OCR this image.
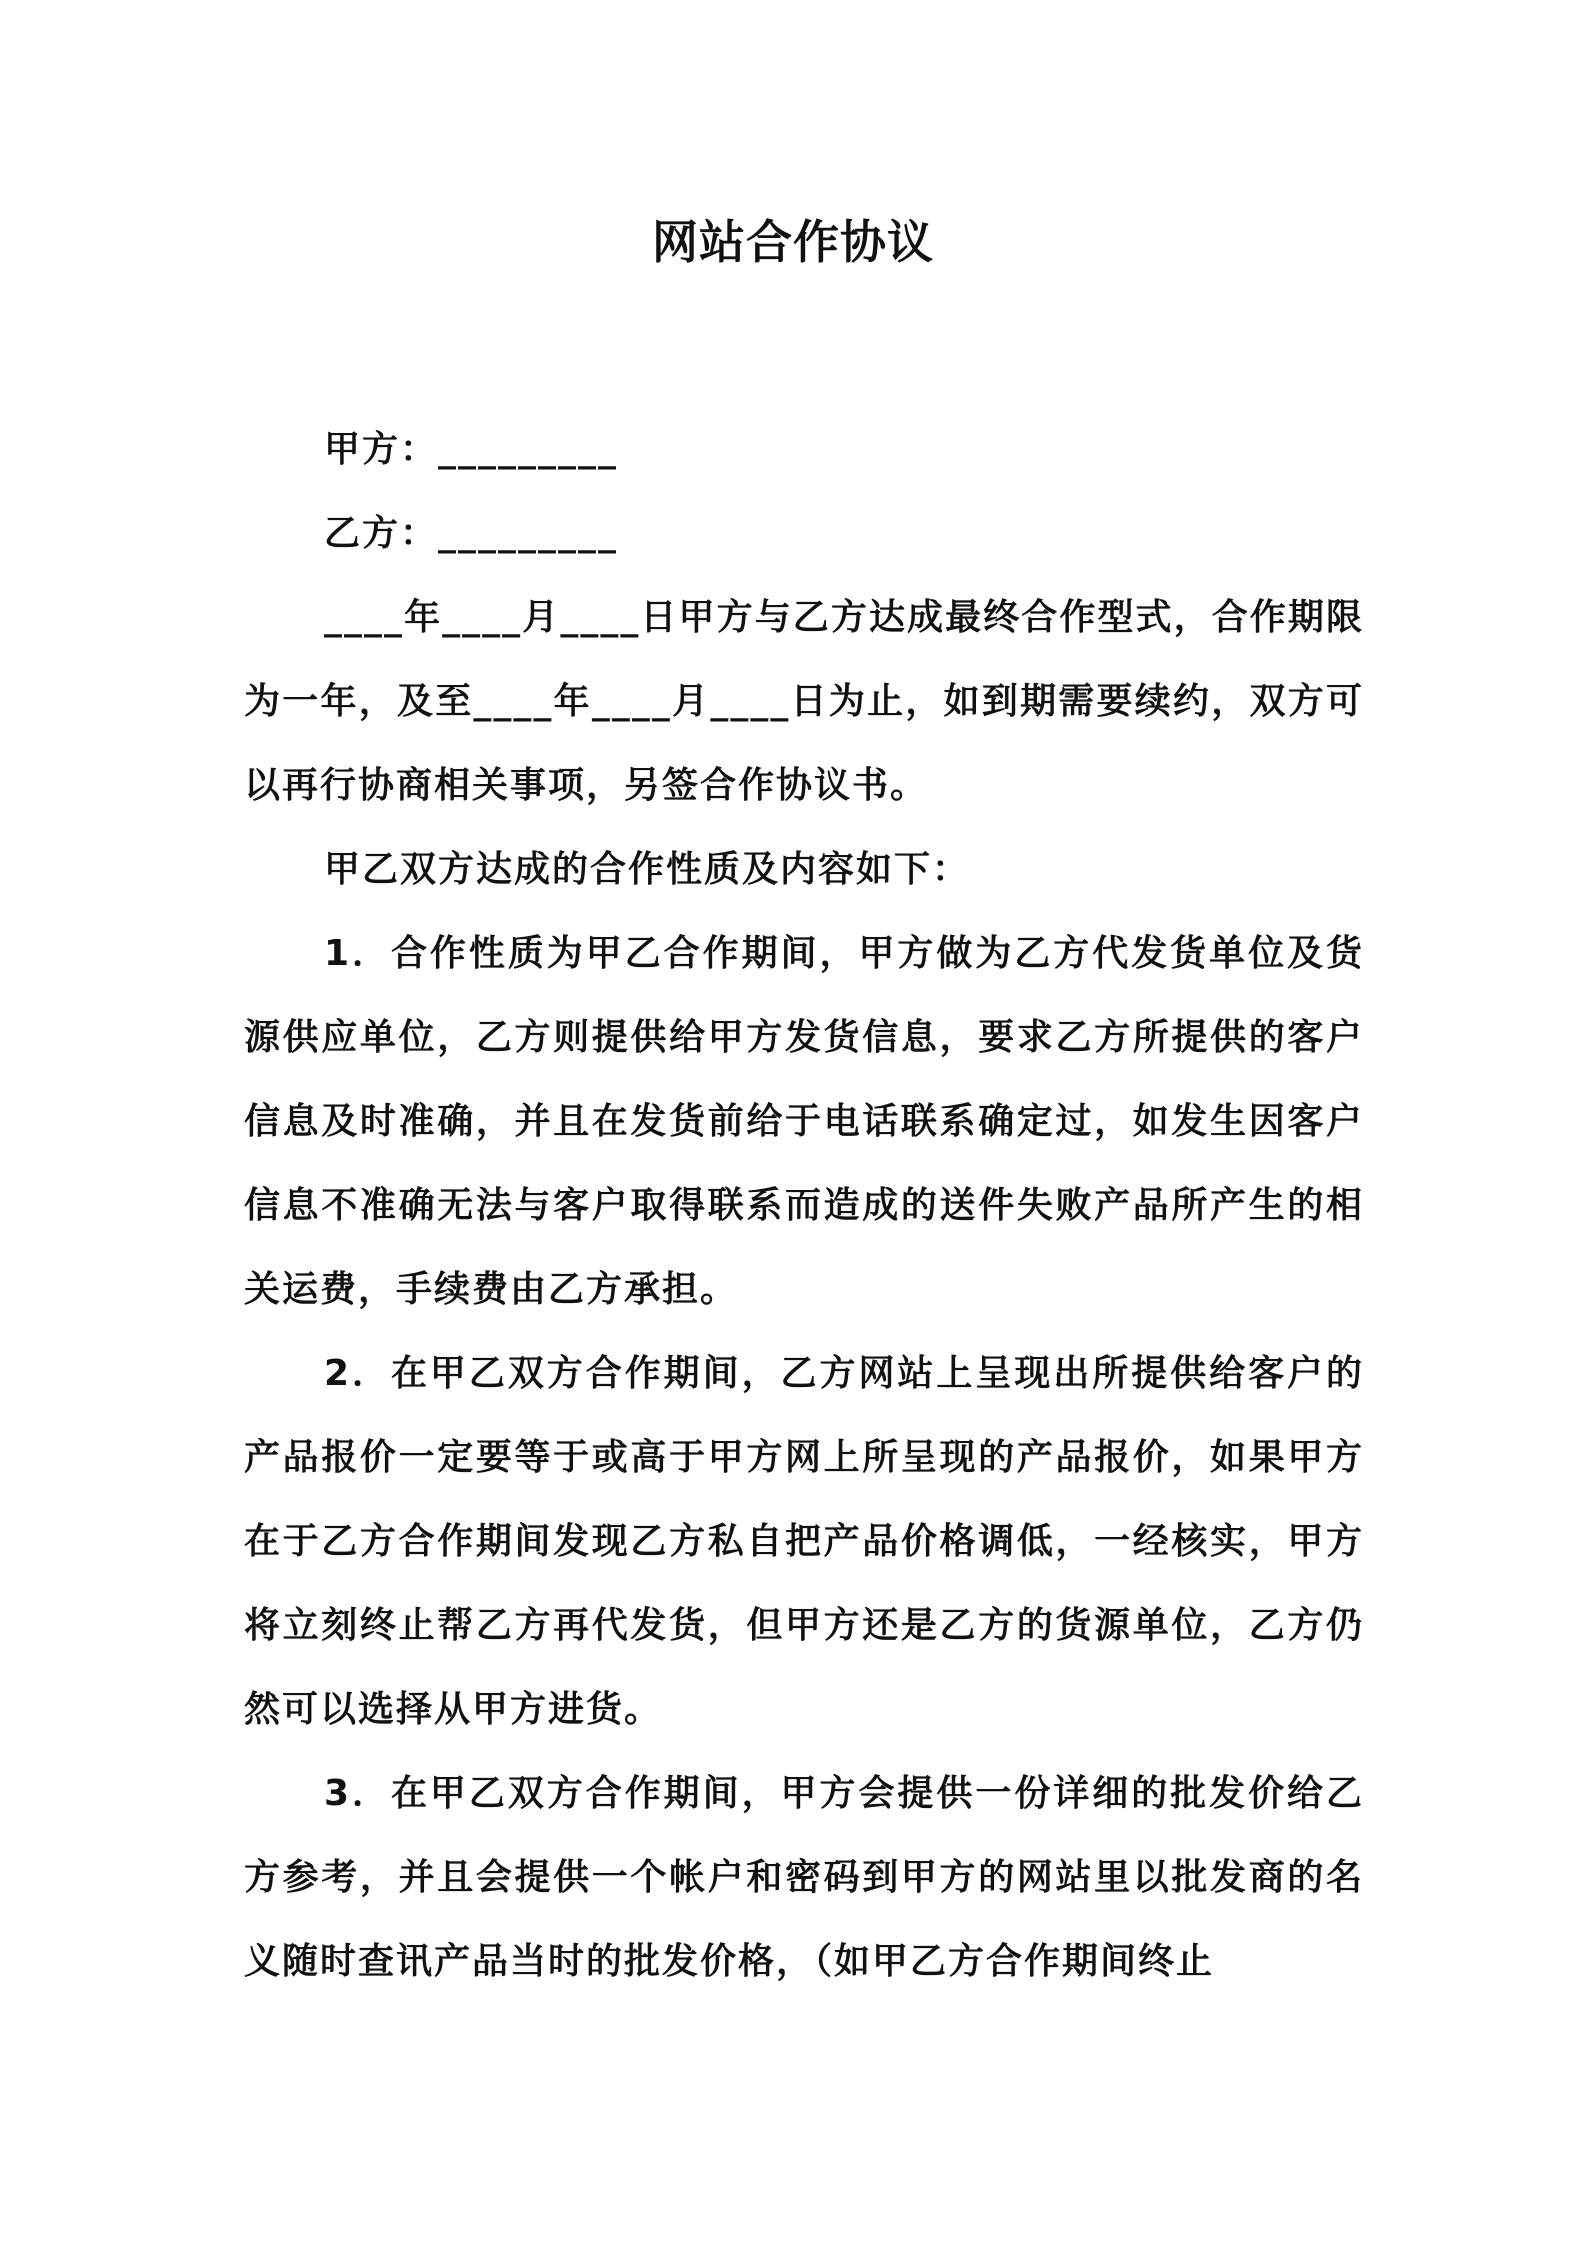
网站合作协议

甲方：_________

乙方：_________

____年____月____日甲方与乙方达成最终合作型式，合作期限为一年，及至____年____月____日为止，如到期需要续约，双方可以再行协商相关事项，另签合作协议书。

甲乙双方达成的合作性质及内容如下：

1．合作性质为甲乙合作期间，甲方做为乙方代发货单位及货源供应单位，乙方则提供给甲方发货信息，要求乙方所提供的客户信息及时准确，并且在发货前给于电话联系确定过，如发生因客户信息不准确无法与客户取得联系而造成的送件失败产品所产生的相关运费，手续费由乙方承担。

2．在甲乙双方合作期间，乙方网站上呈现出所提供给客户的产品报价一定要等于或高于甲方网上所呈现的产品报价，如果甲方在于乙方合作期间发现乙方私自把产品价格调低，一经核实，甲方将立刻终止帮乙方再代发货，但甲方还是乙方的货源单位，乙方仍然可以选择从甲方进货。

3．在甲乙双方合作期间，甲方会提供一份详细的批发价给乙方参考，并且会提供一个帐户和密码到甲方的网站里以批发商的名义随时查讯产品当时的批发价格，（如甲乙方合作期间终止
